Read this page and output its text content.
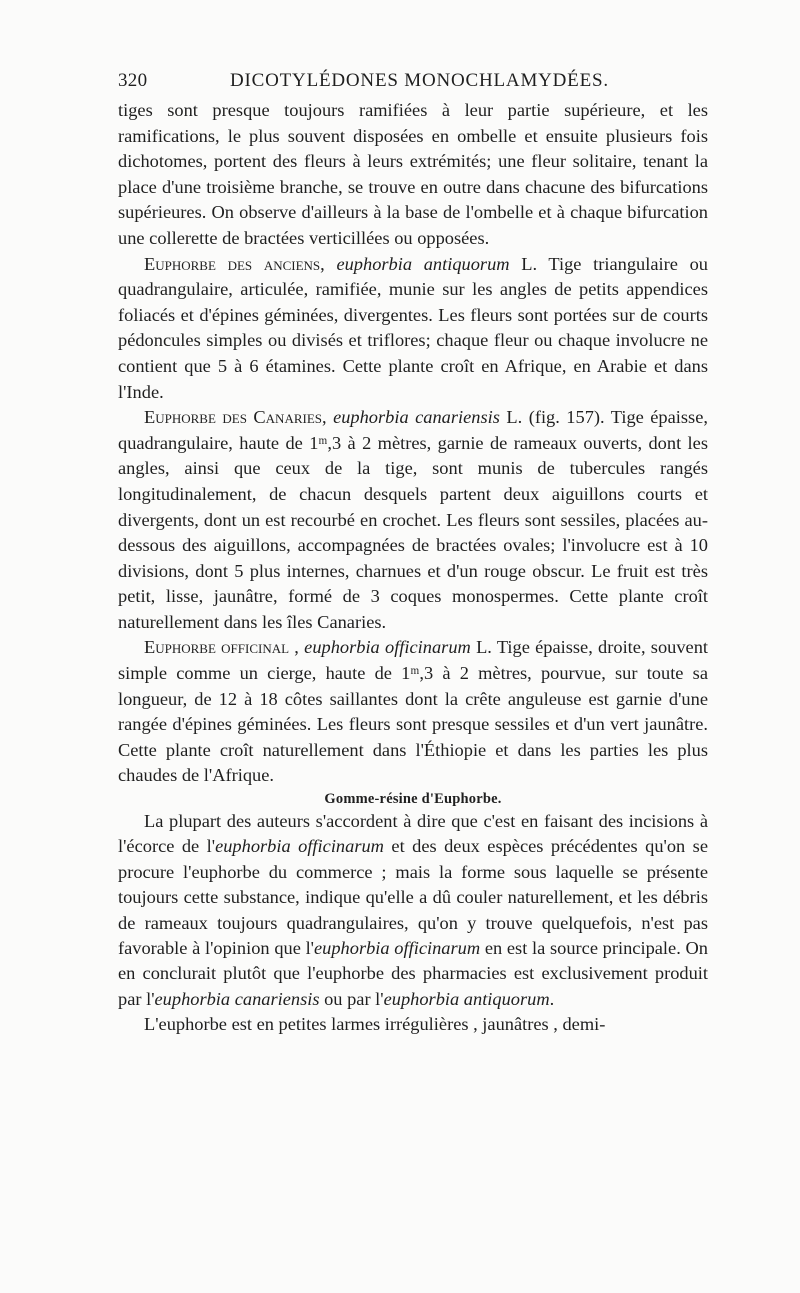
320	DICOTYLÉDONES MONOCHLAMYDÉES.

tiges sont presque toujours ramifiées à leur partie supérieure, et les ramifications, le plus souvent disposées en ombelle et ensuite plusieurs fois dichotomes, portent des fleurs à leurs extrémités; une fleur solitaire, tenant la place d'une troisième branche, se trouve en outre dans chacune des bifurcations supérieures. On observe d'ailleurs à la base de l'ombelle et à chaque bifurcation une collerette de bractées verticillées ou opposées.

Euphorbe des anciens, euphorbia antiquorum L. Tige triangulaire ou quadrangulaire, articulée, ramifiée, munie sur les angles de petits appendices foliacés et d'épines géminées, divergentes. Les fleurs sont portées sur de courts pédoncules simples ou divisés et triflores; chaque fleur ou chaque involucre ne contient que 5 à 6 étamines. Cette plante croît en Afrique, en Arabie et dans l'Inde.

Euphorbe des Canaries, euphorbia canariensis L. (fig. 157). Tige épaisse, quadrangulaire, haute de 1ᵐ,3 à 2 mètres, garnie de rameaux ouverts, dont les angles, ainsi que ceux de la tige, sont munis de tubercules rangés longitudinalement, de chacun desquels partent deux aiguillons courts et divergents, dont un est recourbé en crochet. Les fleurs sont sessiles, placées au-dessous des aiguillons, accompagnées de bractées ovales; l'involucre est à 10 divisions, dont 5 plus internes, charnues et d'un rouge obscur. Le fruit est très petit, lisse, jaunâtre, formé de 3 coques monospermes. Cette plante croît naturellement dans les îles Canaries.

Euphorbe officinal , euphorbia officinarum L. Tige épaisse, droite, souvent simple comme un cierge, haute de 1ᵐ,3 à 2 mètres, pourvue, sur toute sa longueur, de 12 à 18 côtes saillantes dont la crête anguleuse est garnie d'une rangée d'épines géminées. Les fleurs sont presque sessiles et d'un vert jaunâtre. Cette plante croît naturellement dans l'Éthiopie et dans les parties les plus chaudes de l'Afrique.

Gomme-résine d'Euphorbe.

La plupart des auteurs s'accordent à dire que c'est en faisant des incisions à l'écorce de l'euphorbia officinarum et des deux espèces précédentes qu'on se procure l'euphorbe du commerce ; mais la forme sous laquelle se présente toujours cette substance, indique qu'elle a dû couler naturellement, et les débris de rameaux toujours quadrangulaires, qu'on y trouve quelquefois, n'est pas favorable à l'opinion que l'euphorbia officinarum en est la source principale. On en conclurait plutôt que l'euphorbe des pharmacies est exclusivement produit par l'euphorbia canariensis ou par l'euphorbia antiquorum.

L'euphorbe est en petites larmes irrégulières , jaunâtres , demi-
